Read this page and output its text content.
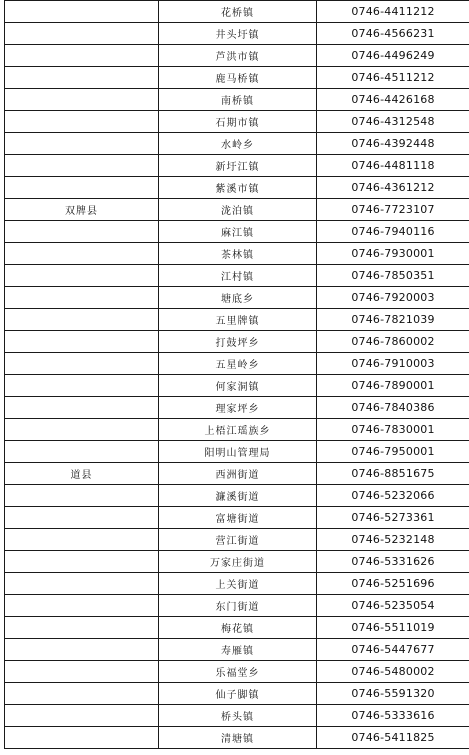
	花桥镇	0746-4411212
	井头圩镇	0746-4566231
	芦洪市镇	0746-4496249
	鹿马桥镇	0746-4511212
	南桥镇	0746-4426168
	石期市镇	0746-4312548
	水岭乡	0746-4392448
	新圩江镇	0746-4481118
	紫溪市镇	0746-4361212
双牌县	泷泊镇	0746-7723107
	麻江镇	0746-7940116
	茶林镇	0746-7930001
	江村镇	0746-7850351
	塘底乡	0746-7920003
	五里牌镇	0746-7821039
	打鼓坪乡	0746-7860002
	五星岭乡	0746-7910003
	何家洞镇	0746-7890001
	理家坪乡	0746-7840386
	上梧江瑶族乡	0746-7830001
	阳明山管理局	0746-7950001
道县	西洲街道	0746-8851675
	濂溪街道	0746-5232066
	富塘街道	0746-5273361
	营江街道	0746-5232148
	万家庄街道	0746-5331626
	上关街道	0746-5251696
	东门街道	0746-5235054
	梅花镇	0746-5511019
	寿雁镇	0746-5447677
	乐福堂乡	0746-5480002
	仙子脚镇	0746-5591320
	桥头镇	0746-5333616
	清塘镇	0746-5411825
